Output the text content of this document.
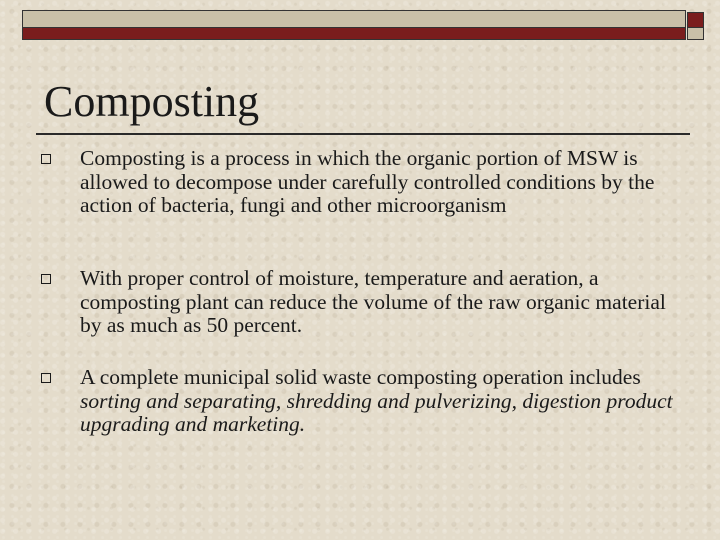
Composting
Composting is a process in which the organic portion of MSW is allowed to decompose under carefully controlled conditions by the action of bacteria, fungi and other microorganism
With proper control of moisture, temperature and aeration, a composting plant can reduce the volume of the raw organic material by as much as 50 percent.
A complete municipal solid waste composting operation includes sorting and separating, shredding and pulverizing, digestion product upgrading and marketing.
